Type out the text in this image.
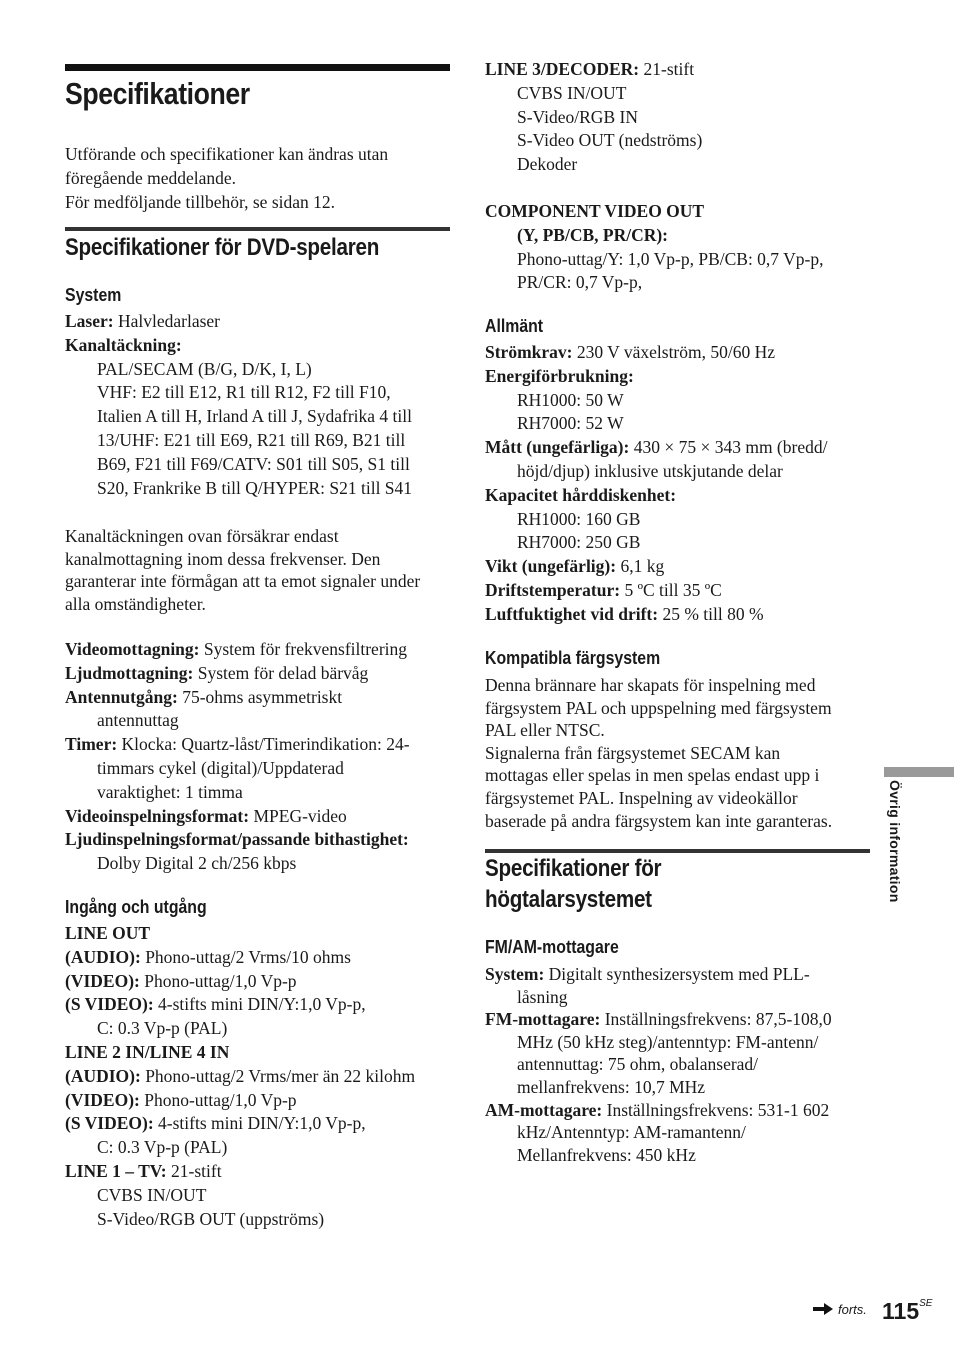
Specifikationer
Utförande och specifikationer kan ändras utan
föregående meddelande.
För medföljande tillbehör, se sidan 12.
Specifikationer för DVD-spelaren
System
Laser: Halvledarlaser
Kanaltäckning:
PAL/SECAM (B/G, D/K, I, L)
VHF: E2 till E12, R1 till R12, F2 till F10,
Italien A till H, Irland A till J, Sydafrika 4 till
13/UHF: E21 till E69, R21 till R69, B21 till
B69, F21 till F69/CATV: S01 till S05, S1 till
S20, Frankrike B till Q/HYPER: S21 till S41
Kanaltäckningen ovan försäkrar endast
kanalmottagning inom dessa frekvenser. Den
garanterar inte förmågan att ta emot signaler under
alla omständigheter.
Videomottagning: System för frekvensfiltrering
Ljudmottagning: System för delad bärvåg
Antennutgång: 75-ohms asymmetriskt
antennuttag
Timer: Klocka: Quartz-låst/Timerindikation: 24-
timmars cykel (digital)/Uppdaterad
varaktighet: 1 timma
Videoinspelningsformat: MPEG-video
Ljudinspelningsformat/passande bithastighet:
Dolby Digital 2 ch/256 kbps
Ingång och utgång
LINE OUT
(AUDIO): Phono-uttag/2 Vrms/10 ohms
(VIDEO): Phono-uttag/1,0 Vp-p
(S VIDEO): 4-stifts mini DIN/Y:1,0 Vp-p,
C: 0.3 Vp-p (PAL)
LINE 2 IN/LINE 4 IN
(AUDIO): Phono-uttag/2 Vrms/mer än 22 kilohm
(VIDEO): Phono-uttag/1,0 Vp-p
(S VIDEO): 4-stifts mini DIN/Y:1,0 Vp-p,
C: 0.3 Vp-p (PAL)
LINE 1 – TV: 21-stift
CVBS IN/OUT
S-Video/RGB OUT (uppströms)
LINE 3/DECODER: 21-stift
CVBS IN/OUT
S-Video/RGB IN
S-Video OUT (nedströms)
Dekoder
COMPONENT VIDEO OUT
(Y, PB/CB, PR/CR):
Phono-uttag/Y: 1,0 Vp-p, PB/CB: 0,7 Vp-p,
PR/CR: 0,7 Vp-p,
Allmänt
Strömkrav: 230 V växelström, 50/60 Hz
Energiförbrukning:
RH1000: 50 W
RH7000: 52 W
Mått (ungefärliga): 430 × 75 × 343 mm (bredd/
höjd/djup) inklusive utskjutande delar
Kapacitet hårddiskenhet:
RH1000: 160 GB
RH7000: 250 GB
Vikt (ungefärlig): 6,1 kg
Driftstemperatur: 5 ºC till 35 ºC
Luftfuktighet vid drift: 25 % till 80 %
Kompatibla färgsystem
Denna brännare har skapats för inspelning med
färgsystem PAL och uppspelning med färgsystem
PAL eller NTSC.
Signalerna från färgsystemet SECAM kan
mottagas eller spelas in men spelas endast upp i
färgsystemet PAL. Inspelning av videokällor
baserade på andra färgsystem kan inte garanteras.
Specifikationer för
högtalarsystemet
FM/AM-mottagare
System: Digitalt synthesizersystem med PLL-
låsning
FM-mottagare: Inställningsfrekvens: 87,5-108,0
MHz (50 kHz steg)/antenntyp: FM-antenn/
antennuttag: 75 ohm, obalanserad/
mellanfrekvens: 10,7 MHz
AM-mottagare: Inställningsfrekvens: 531-1 602
kHz/Antenntyp: AM-ramantenn/
Mellanfrekvens: 450 kHz
Övrig information
forts. $115^{SE}$
